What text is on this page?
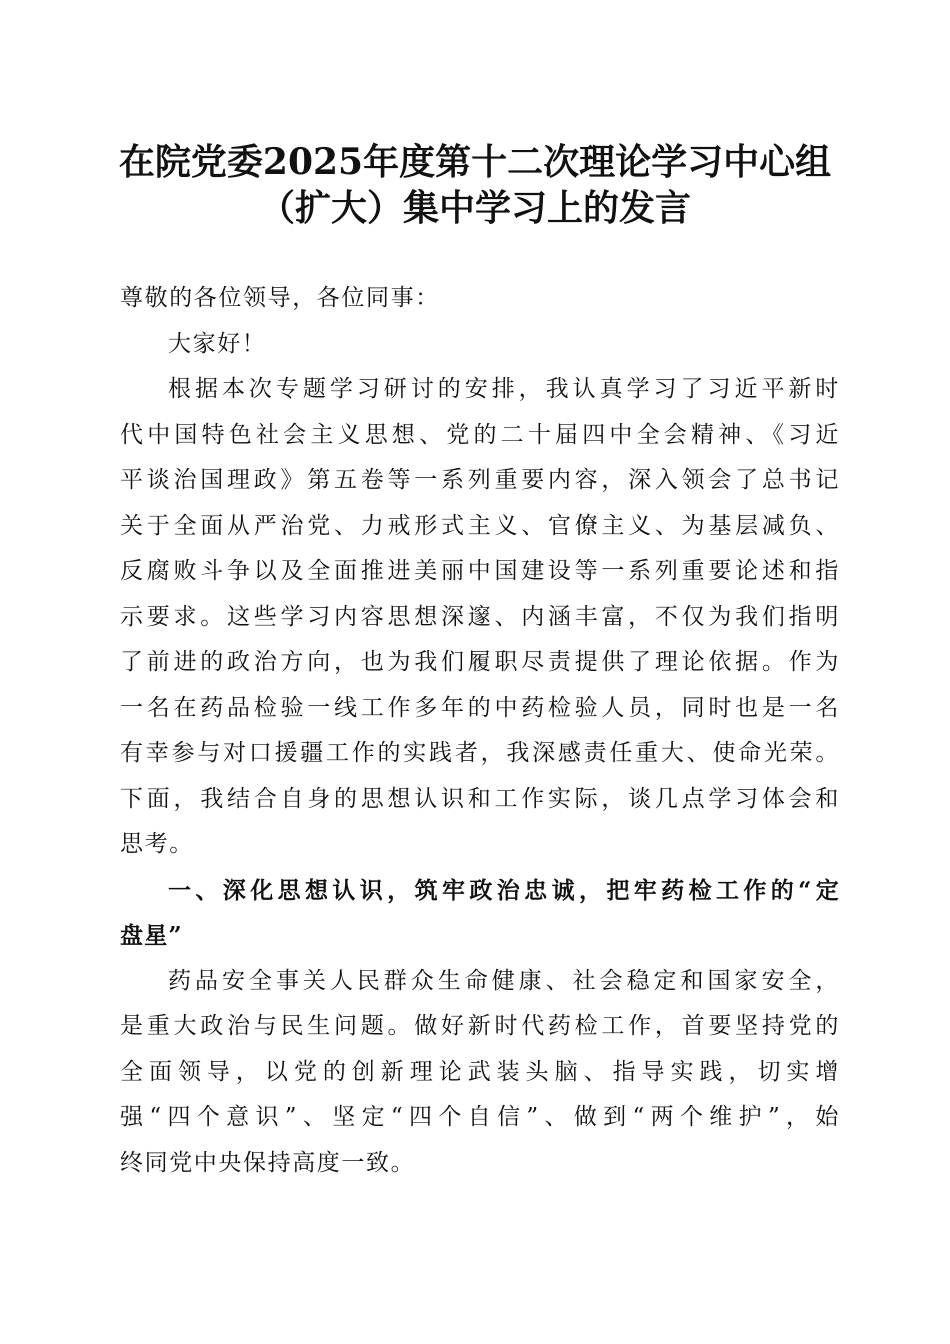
在院党委2025年度第十二次理论学习中心组
（扩大）集中学习上的发言
尊敬的各位领导，各位同事：
大家好！
根据本次专题学习研讨的安排，我认真学习了习近平新时
代中国特色社会主义思想、党的二十届四中全会精神、《习近
平谈治国理政》第五卷等一系列重要内容，深入领会了总书记
关于全面从严治党、力戒形式主义、官僚主义、为基层减负、
反腐败斗争以及全面推进美丽中国建设等一系列重要论述和指
示要求。这些学习内容思想深邃、内涵丰富，不仅为我们指明
了前进的政治方向，也为我们履职尽责提供了理论依据。作为
一名在药品检验一线工作多年的中药检验人员，同时也是一名
有幸参与对口援疆工作的实践者，我深感责任重大、使命光荣。
下面，我结合自身的思想认识和工作实际，谈几点学习体会和
思考。
一、深化思想认识，筑牢政治忠诚，把牢药检工作的“定
盘星”
药品安全事关人民群众生命健康、社会稳定和国家安全，
是重大政治与民生问题。做好新时代药检工作，首要坚持党的
全面领导，以党的创新理论武装头脑、指导实践，切实增
强“四个意识”、坚定“四个自信”、做到“两个维护”，始
终同党中央保持高度一致。
